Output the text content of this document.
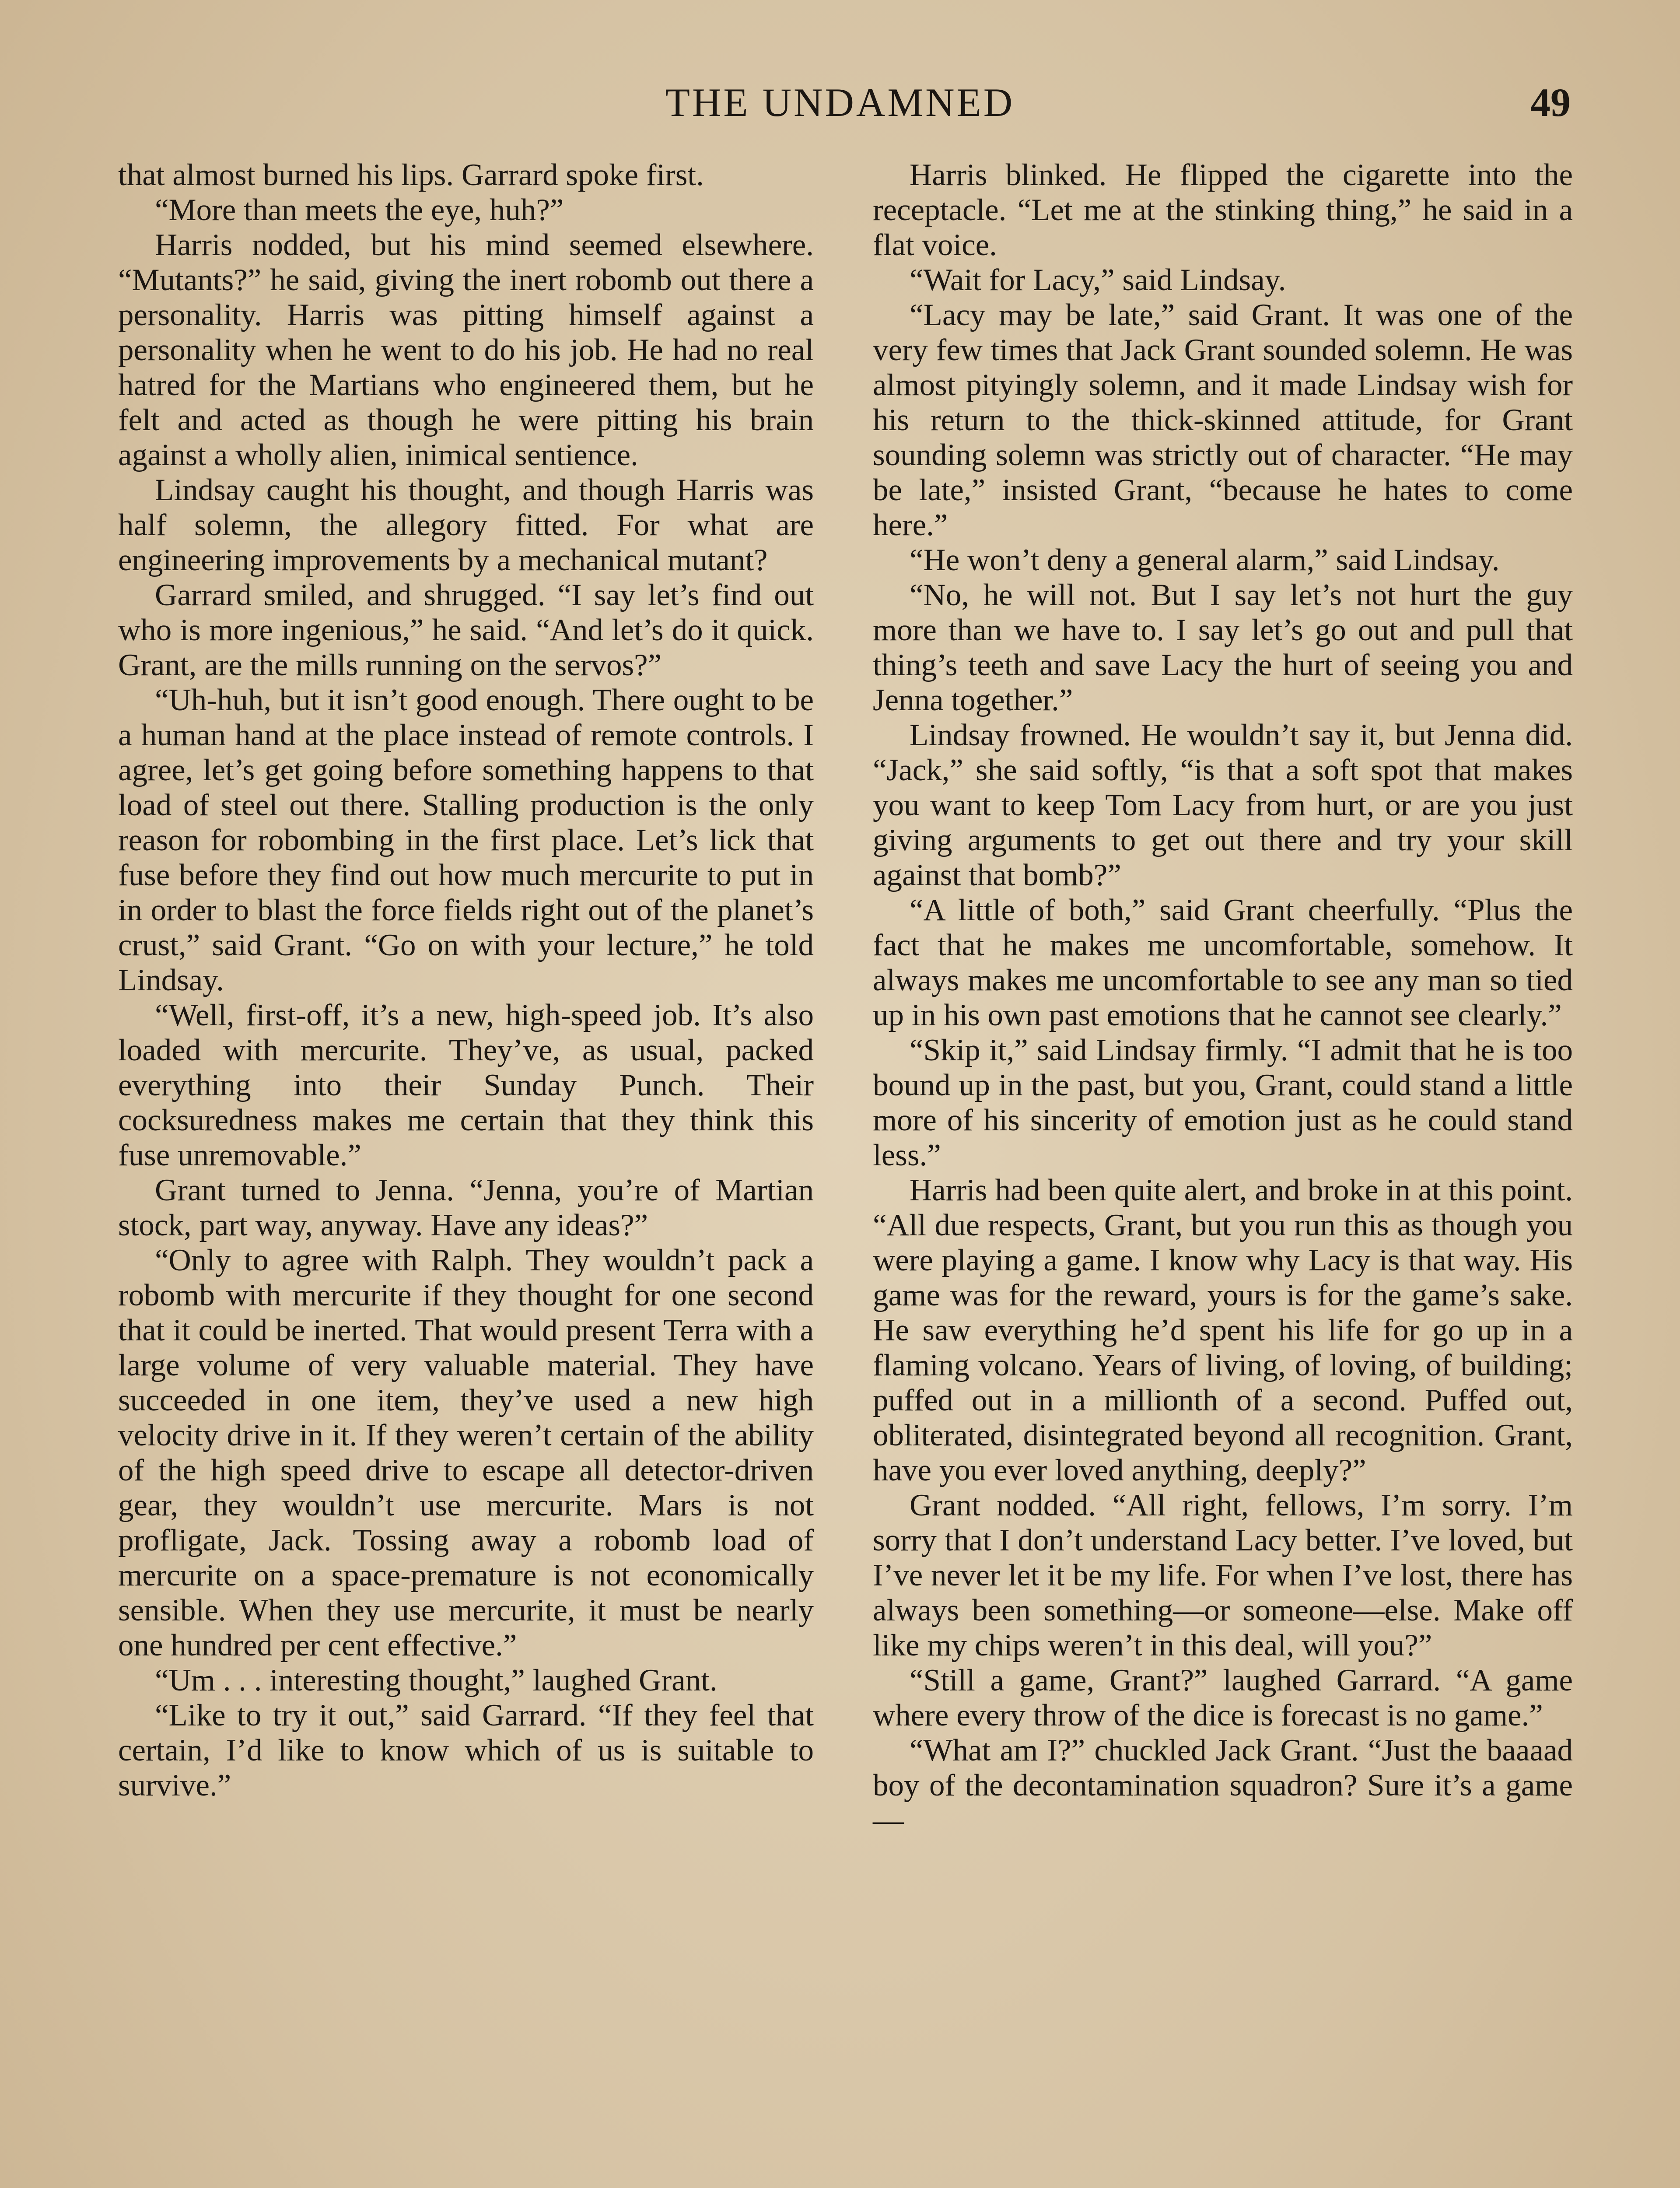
THE UNDAMNED	49

that almost burned his lips. Garrard spoke first.

“More than meets the eye, huh?”

Harris nodded, but his mind seemed elsewhere. “Mutants?” he said, giving the inert robomb out there a personality. Harris was pitting himself against a personality when he went to do his job. He had no real hatred for the Martians who engineered them, but he felt and acted as though he were pitting his brain against a wholly alien, inimical sentience.

Lindsay caught his thought, and though Harris was half solemn, the allegory fitted. For what are engineering improvements by a mechanical mutant?

Garrard smiled, and shrugged. “I say let’s find out who is more ingenious,” he said. “And let’s do it quick. Grant, are the mills running on the servos?”

“Uh-huh, but it isn’t good enough. There ought to be a human hand at the place instead of remote controls. I agree, let’s get going before something happens to that load of steel out there. Stalling production is the only reason for robombing in the first place. Let’s lick that fuse before they find out how much mercurite to put in in order to blast the force fields right out of the planet’s crust,” said Grant. “Go on with your lecture,” he told Lindsay.

“Well, first-off, it’s a new, high-speed job. It’s also loaded with mercurite. They’ve, as usual, packed everything into their Sunday Punch. Their cocksuredness makes me certain that they think this fuse unremovable.”

Grant turned to Jenna. “Jenna, you’re of Martian stock, part way, anyway. Have any ideas?”

“Only to agree with Ralph. They wouldn’t pack a robomb with mercurite if they thought for one second that it could be inerted. That would present Terra with a large volume of very valuable material. They have succeeded in one item, they’ve used a new high velocity drive in it. If they weren’t certain of the ability of the high speed drive to escape all detector-driven gear, they wouldn’t use mercurite. Mars is not profligate, Jack. Tossing away a robomb load of mercurite on a space-premature is not economically sensible. When they use mercurite, it must be nearly one hundred per cent effective.”

“Um . . . interesting thought,” laughed Grant.

“Like to try it out,” said Garrard. “If they feel that certain, I’d like to know which of us is suitable to survive.”

Harris blinked. He flipped the cigarette into the receptacle. “Let me at the stinking thing,” he said in a flat voice.

“Wait for Lacy,” said Lindsay.

“Lacy may be late,” said Grant. It was one of the very few times that Jack Grant sounded solemn. He was almost pityingly solemn, and it made Lindsay wish for his return to the thick-skinned attitude, for Grant sounding solemn was strictly out of character. “He may be late,” insisted Grant, “because he hates to come here.”

“He won’t deny a general alarm,” said Lindsay.

“No, he will not. But I say let’s not hurt the guy more than we have to. I say let’s go out and pull that thing’s teeth and save Lacy the hurt of seeing you and Jenna together.”

Lindsay frowned. He wouldn’t say it, but Jenna did. “Jack,” she said softly, “is that a soft spot that makes you want to keep Tom Lacy from hurt, or are you just giving arguments to get out there and try your skill against that bomb?”

“A little of both,” said Grant cheerfully. “Plus the fact that he makes me uncomfortable, somehow. It always makes me uncomfortable to see any man so tied up in his own past emotions that he cannot see clearly.”

“Skip it,” said Lindsay firmly. “I admit that he is too bound up in the past, but you, Grant, could stand a little more of his sincerity of emotion just as he could stand less.”

Harris had been quite alert, and broke in at this point. “All due respects, Grant, but you run this as though you were playing a game. I know why Lacy is that way. His game was for the reward, yours is for the game’s sake. He saw everything he’d spent his life for go up in a flaming volcano. Years of living, of loving, of building; puffed out in a millionth of a second. Puffed out, obliterated, disintegrated beyond all recognition. Grant, have you ever loved anything, deeply?”

Grant nodded. “All right, fellows, I’m sorry. I’m sorry that I don’t understand Lacy better. I’ve loved, but I’ve never let it be my life. For when I’ve lost, there has always been something—or someone—else. Make off like my chips weren’t in this deal, will you?”

“Still a game, Grant?” laughed Garrard. “A game where every throw of the dice is forecast is no game.”

“What am I?” chuckled Jack Grant. “Just the baaaad boy of the decontamination squadron? Sure it’s a game—
